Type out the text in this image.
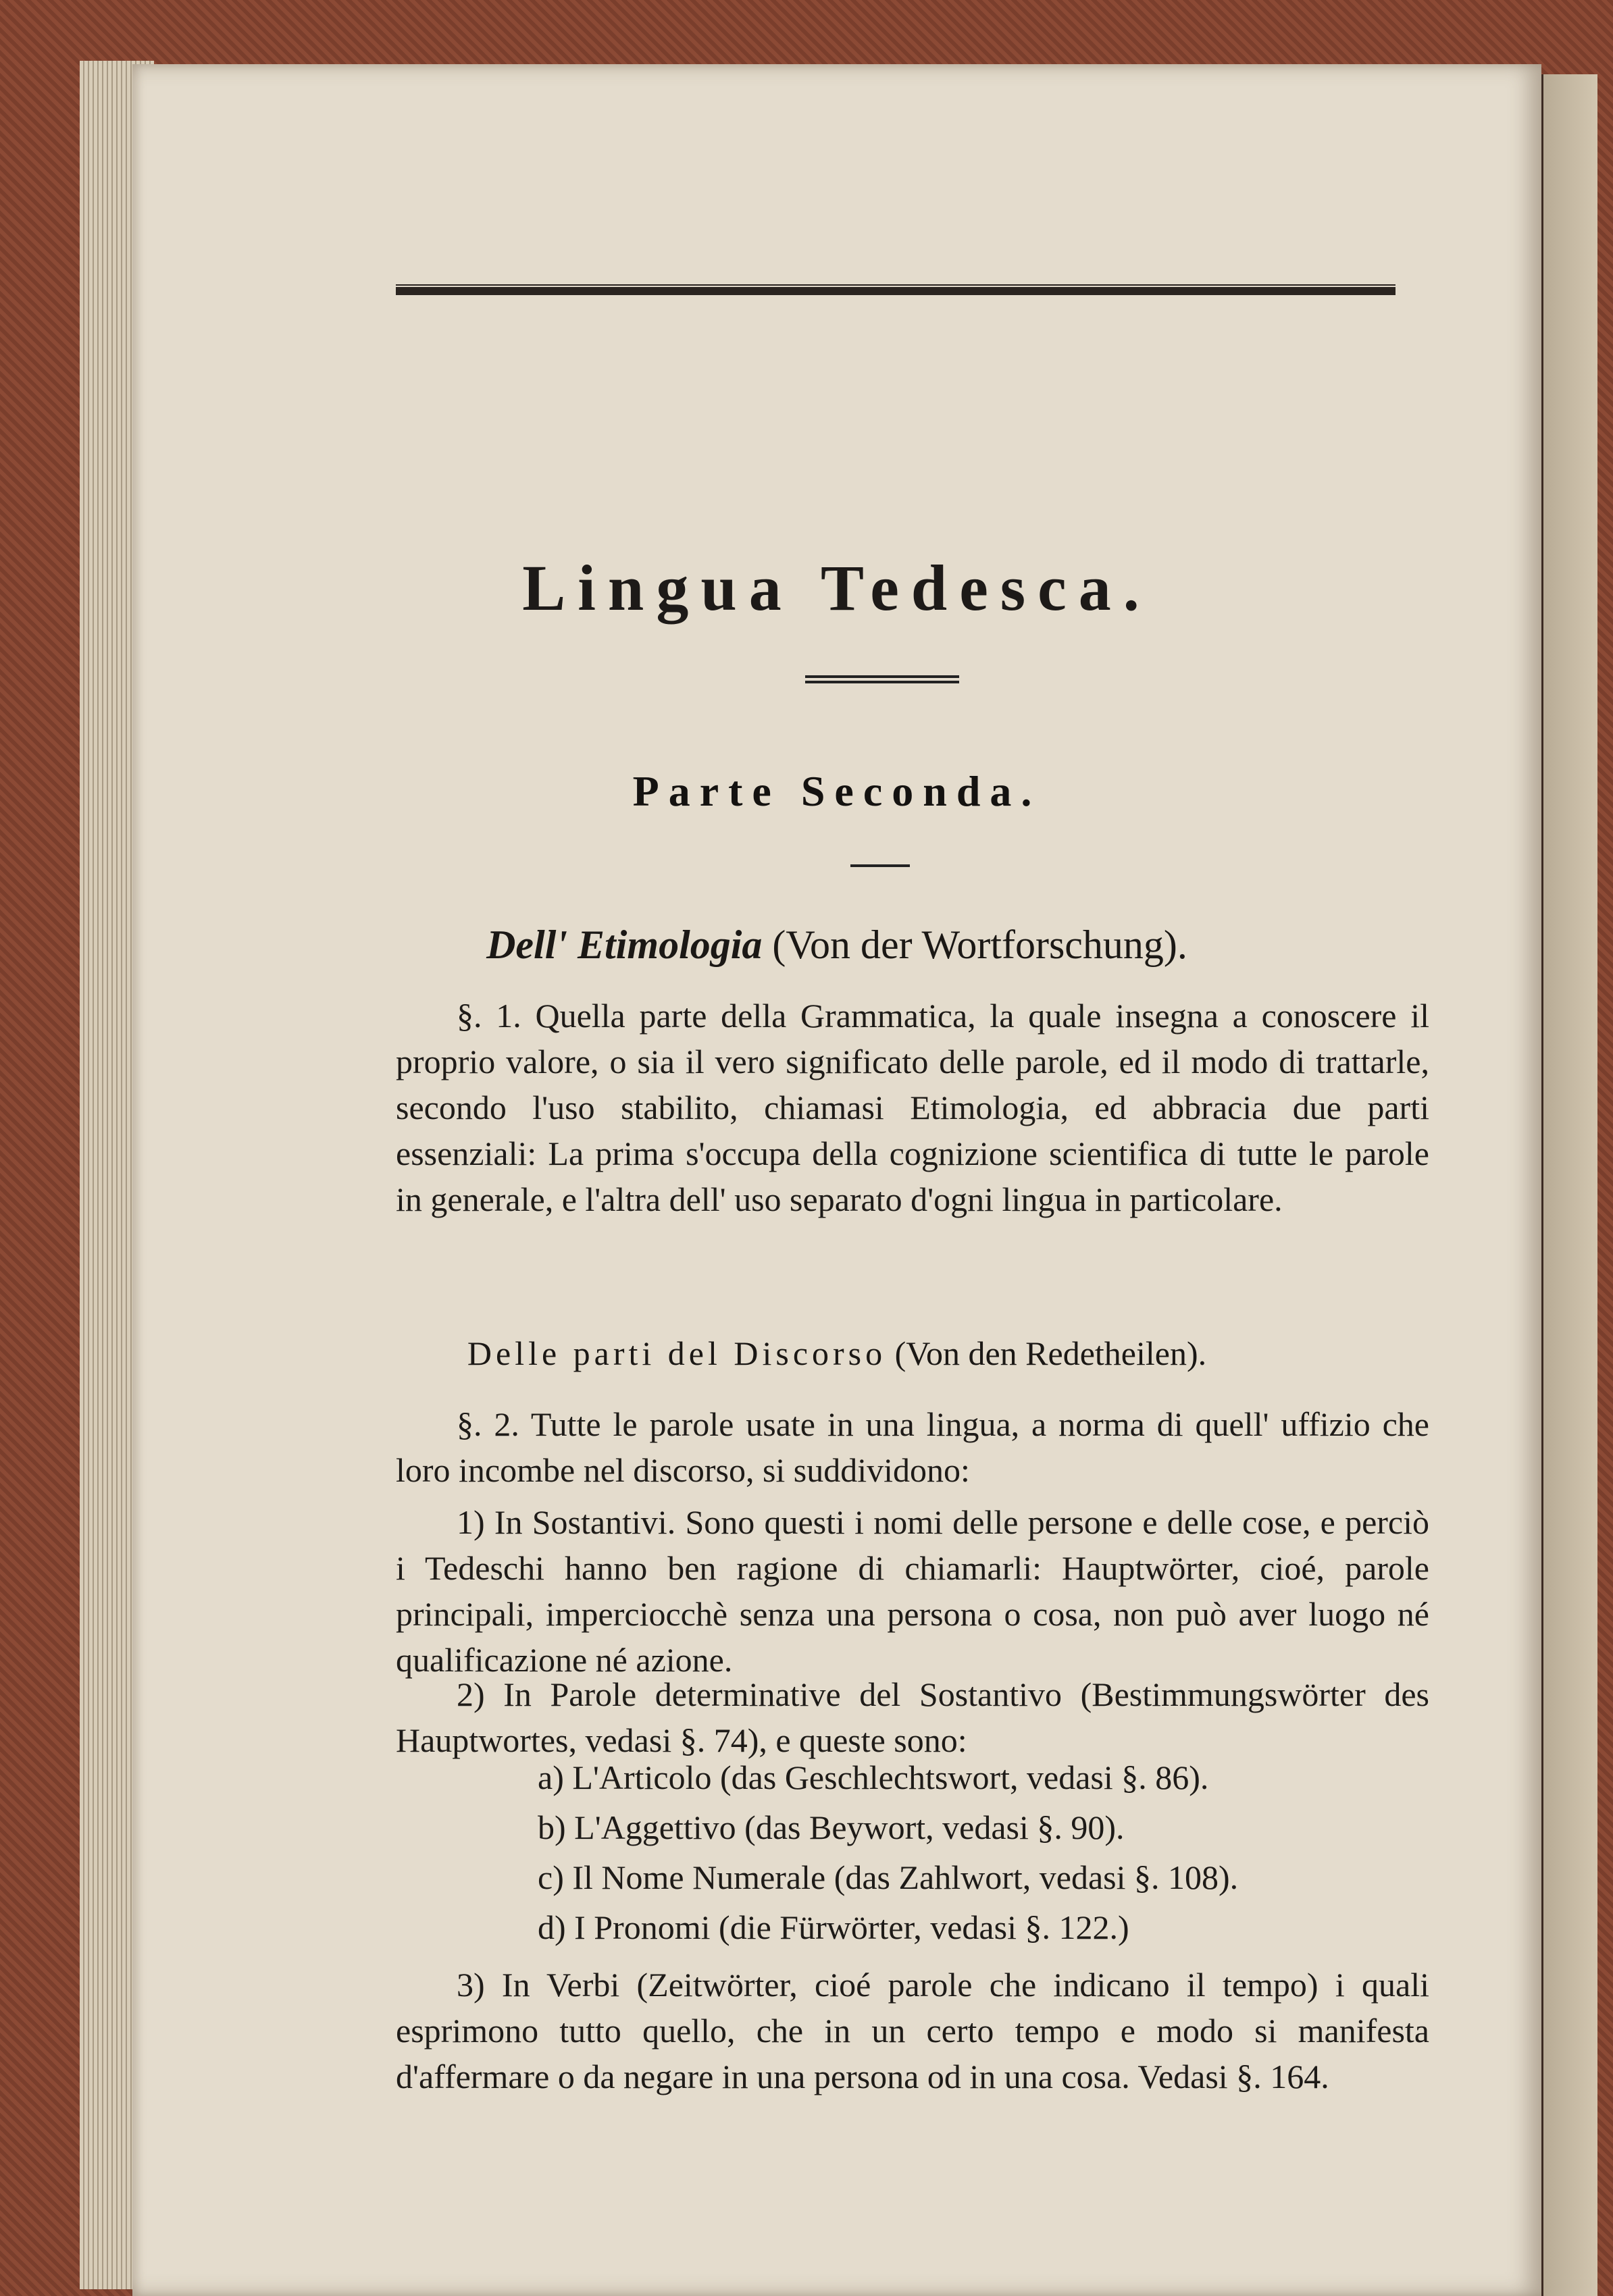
Lingua Tedesca.
Parte Seconda.
Dell' Etimologia (Von der Wortforschung).

§. 1. Quella parte della Grammatica, la quale insegna a conoscere il proprio valore, o sia il vero significato delle parole, ed il modo di trattarle, secondo l'uso stabilito, chiamasi Etimologia, ed abbracia due parti essenziali: La prima s'occupa della cognizione scientifica di tutte le parole in generale, e l'altra dell' uso separato d'ogni lingua in particolare.

Delle parti del Discorso (Von den Redetheilen).

§. 2. Tutte le parole usate in una lingua, a norma di quell' uffizio che loro incombe nel discorso, si suddividono:

1) In Sostantivi. Sono questi i nomi delle persone e delle cose, e perciò i Tedeschi hanno ben ragione di chiamarli: Hauptwörter, cioé, parole principali, imperciocchè senza una persona o cosa, non può aver luogo né qualificazione né azione.

2) In Parole determinative del Sostantivo (Bestimmungswörter des Hauptwortes, vedasi §. 74), e queste sono:

a) L'Articolo (das Geschlechtswort, vedasi §. 86).
b) L'Aggettivo (das Beywort, vedasi §. 90).
c) Il Nome Numerale (das Zahlwort, vedasi §. 108).
d) I Pronomi (die Fürwörter, vedasi §. 122.)

3) In Verbi (Zeitwörter, cioé parole che indicano il tempo) i quali esprimono tutto quello, che in un certo tempo e modo si manifesta d'affermare o da negare in una persona od in una cosa. Vedasi §. 164.
